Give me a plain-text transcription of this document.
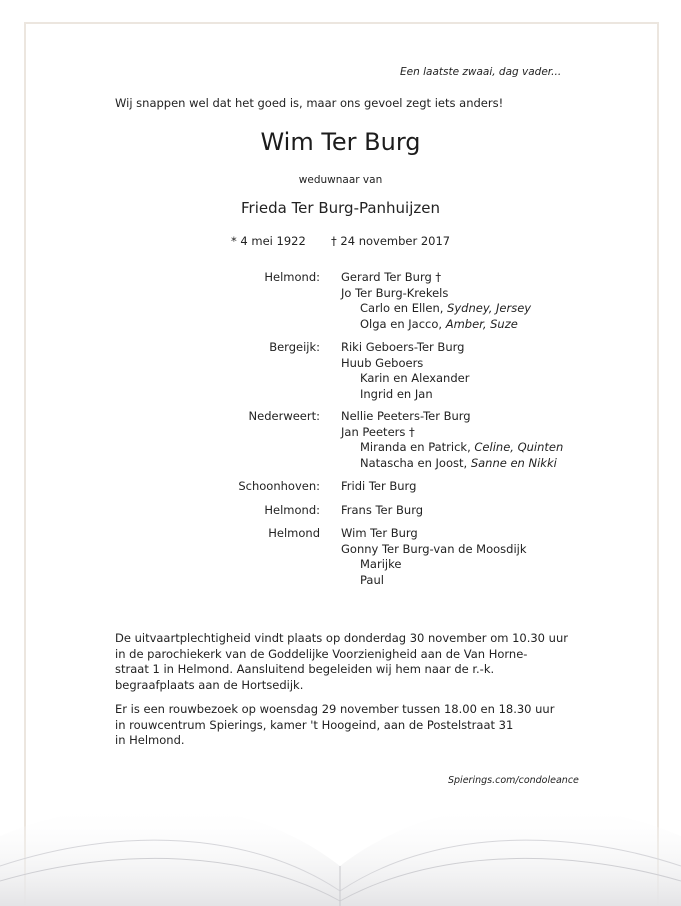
Een laatste zwaai, dag vader...
Wij snappen wel dat het goed is, maar ons gevoel zegt iets anders!
Wim Ter Burg
weduwnaar van
Frieda Ter Burg-Panhuijzen
* 4 mei 1922 † 24 november 2017
Helmond: Gerard Ter Burg †
Jo Ter Burg-Krekels
Carlo en Ellen, Sydney, Jersey
Olga en Jacco, Amber, Suze
Bergeijk: Riki Geboers-Ter Burg
Huub Geboers
Karin en Alexander
Ingrid en Jan
Nederweert: Nellie Peeters-Ter Burg
Jan Peeters †
Miranda en Patrick, Celine, Quinten
Natascha en Joost, Sanne en Nikki
Schoonhoven: Fridi Ter Burg
Helmond: Frans Ter Burg
Helmond Wim Ter Burg
Gonny Ter Burg-van de Moosdijk
Marijke
Paul
De uitvaartplechtigheid vindt plaats op donderdag 30 november om 10.30 uur
in de parochiekerk van de Goddelijke Voorzienigheid aan de Van Horne-
straat 1 in Helmond. Aansluitend begeleiden wij hem naar de r.-k.
begraafplaats aan de Hortsedijk.
Er is een rouwbezoek op woensdag 29 november tussen 18.00 en 18.30 uur
in rouwcentrum Spierings, kamer 't Hoogeind, aan de Postelstraat 31
in Helmond.
Spierings.com/condoleance
